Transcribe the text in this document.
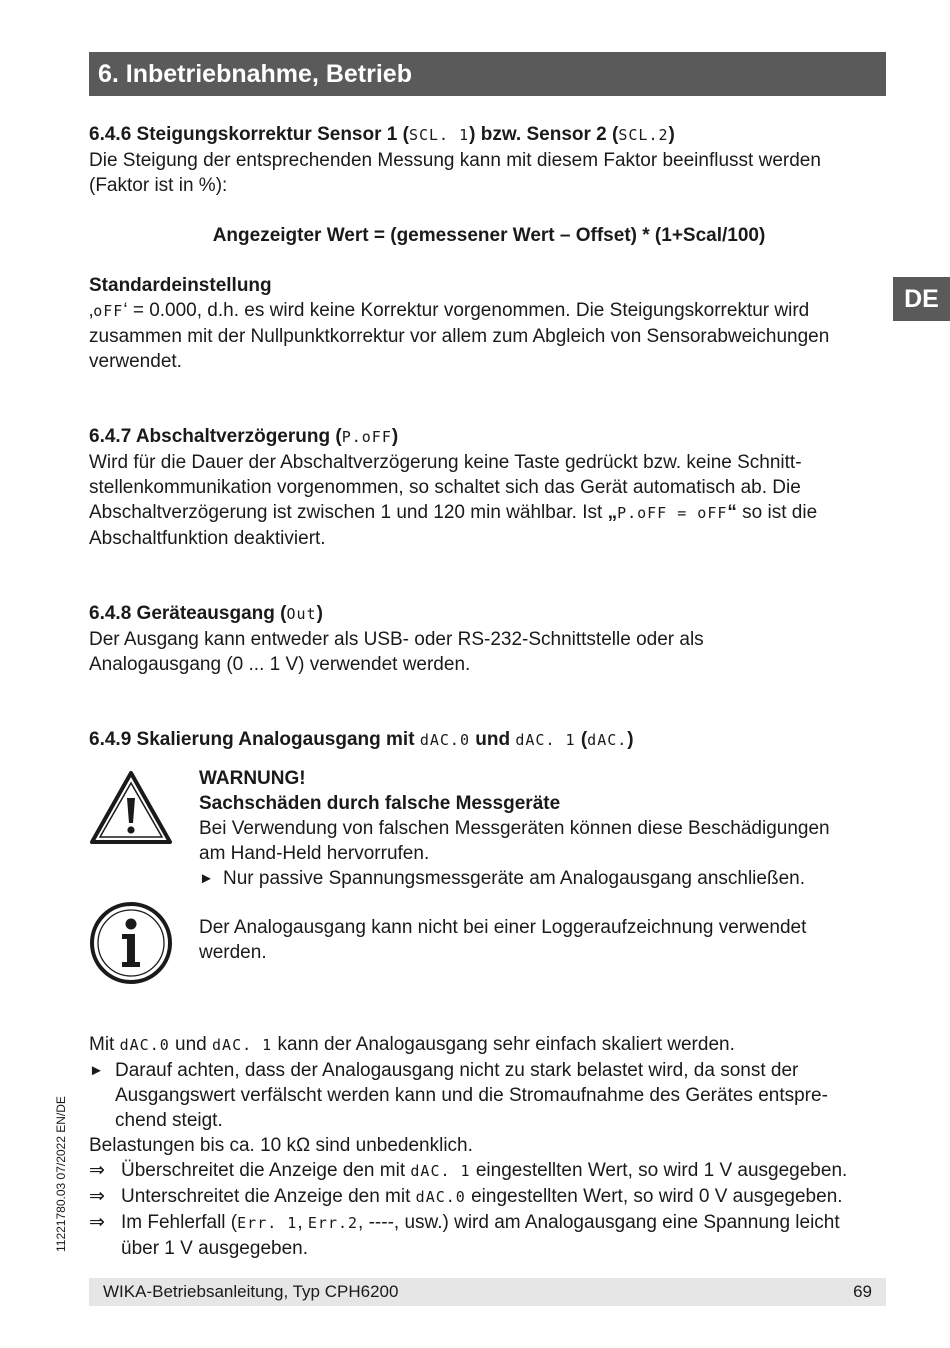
6. Inbetriebnahme, Betrieb
DE

6.4.6 Steigungskorrektur Sensor 1 (SCL. 1) bzw. Sensor 2 (SCL.2)

Die Steigung der entsprechenden Messung kann mit diesem Faktor beeinflusst werden

(Faktor ist in %):

Angezeigter Wert = (gemessener Wert – Offset) * (1+Scal/100)

Standardeinstellung

‚oFF‘ = 0.000, d.h. es wird keine Korrektur vorgenommen. Die Steigungskorrektur wird

zusammen mit der Nullpunktkorrektur vor allem zum Abgleich von Sensorabweichungen

verwendet.

6.4.7 Abschaltverzögerung (P.oFF)

Wird für die Dauer der Abschaltverzögerung keine Taste gedrückt bzw. keine Schnitt-

stellenkommunikation vorgenommen, so schaltet sich das Gerät automatisch ab. Die

Abschaltverzögerung ist zwischen 1 und 120 min wählbar. Ist „P.oFF = oFF“ so ist die

Abschaltfunktion deaktiviert.

6.4.8 Geräteausgang (Out)

Der Ausgang kann entweder als USB- oder RS-232-Schnittstelle oder als

Analogausgang (0 ... 1 V) verwendet werden.

6.4.9 Skalierung Analogausgang mit dAC.0 und dAC. 1 (dAC.)

WARNUNG!

Sachschäden durch falsche Messgeräte

Bei Verwendung von falschen Messgeräten können diese Beschädigungen

am Hand-Held hervorrufen.

► Nur passive Spannungsmessgeräte am Analogausgang anschließen.

Der Analogausgang kann nicht bei einer Loggeraufzeichnung verwendet

werden.

Mit dAC.0 und dAC. 1 kann der Analogausgang sehr einfach skaliert werden.

► Darauf achten, dass der Analogausgang nicht zu stark belastet wird, da sonst der
Ausgangswert verfälscht werden kann und die Stromaufnahme des Gerätes entspre-
chend steigt.

Belastungen bis ca. 10 kΩ sind unbedenklich.

⇒ Überschreitet die Anzeige den mit dAC. 1 eingestellten Wert, so wird 1 V ausgegeben.
⇒ Unterschreitet die Anzeige den mit dAC.0 eingestellten Wert, so wird 0 V ausgegeben.
⇒ Im Fehlerfall (Err. 1, Err.2, ----, usw.) wird am Analogausgang eine Spannung leicht
über 1 V ausgegeben.
11221780.03 07/2022 EN/DE
WIKA-Betriebsanleitung, Typ CPH6200	69
